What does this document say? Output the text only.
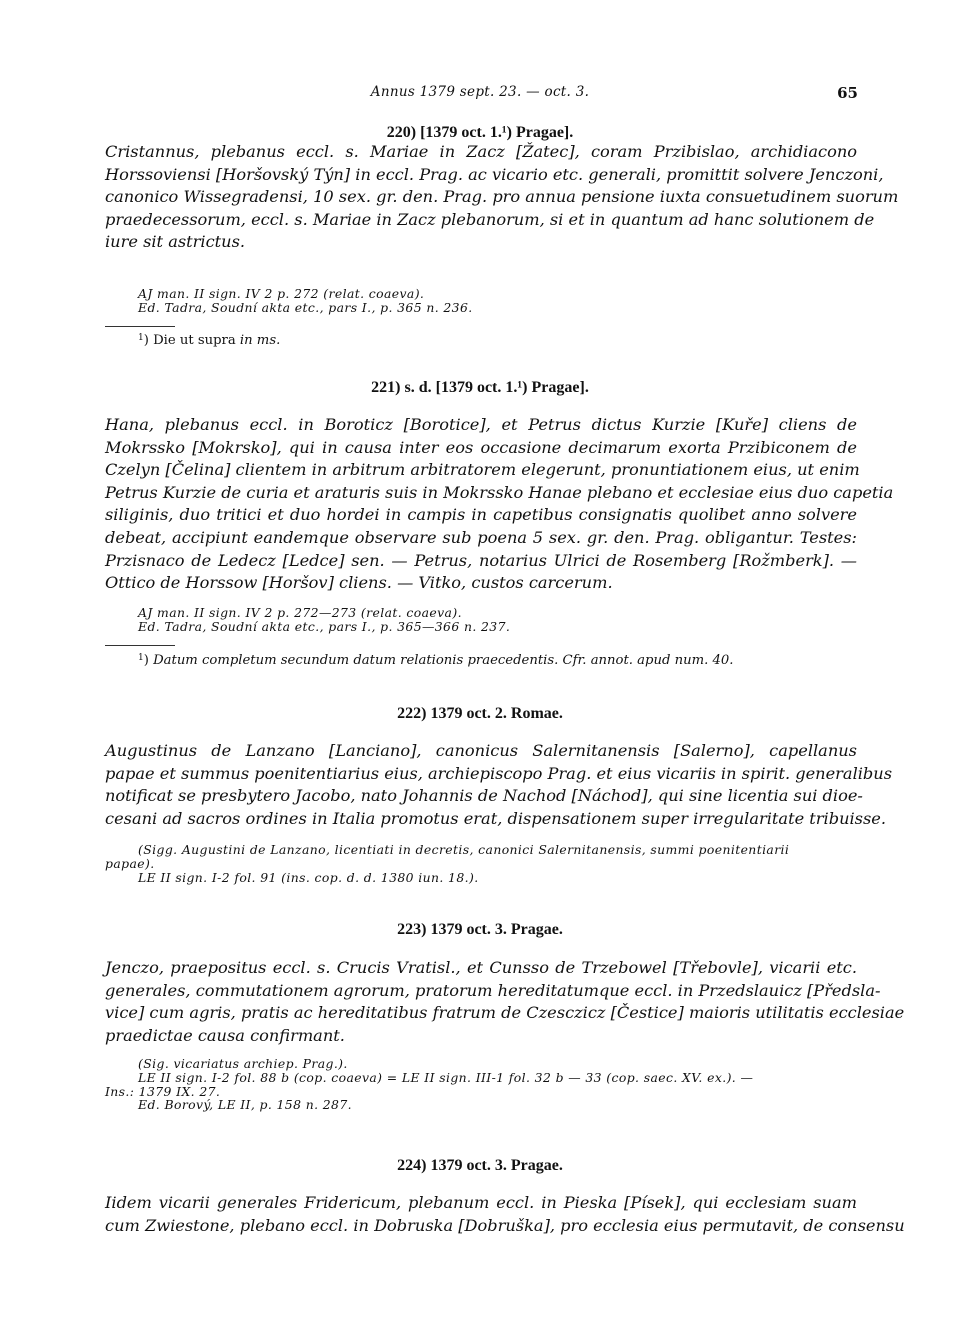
Annus 1379 sept. 23. — oct. 3.	65
220) [1379 oct. 1.¹) Pragae].
Cristannus, plebanus eccl. s. Mariae in Zacz [Žatec], coram Przibislao, archidiacono
Horssoviensi [Horšovský Týn] in eccl. Prag. ac vicario etc. generali, promittit solvere Jenczoni,
canonico Wissegradensi, 10 sex. gr. den. Prag. pro annua pensione iuxta consuetudinem suorum
praedecessorum, eccl. s. Mariae in Zacz plebanorum, si et in quantum ad hanc solutionem de
iure sit astrictus.
AJ man. II sign. IV 2 p. 272 (relat. coaeva).
Ed. Tadra, Soudní akta etc., pars I., p. 365 n. 236.
$^1$) Die ut supra in ms.
221) s. d. [1379 oct. 1.¹) Pragae].
Hana, plebanus eccl. in Boroticz [Borotice], et Petrus dictus Kurzie [Kuře] cliens de
Mokrssko [Mokrsko], qui in causa inter eos occasione decimarum exorta Przibiconem de
Czelyn [Čelina] clientem in arbitrum arbitratorem elegerunt, pronuntiationem eius, ut enim
Petrus Kurzie de curia et araturis suis in Mokrssko Hanae plebano et ecclesiae eius duo capetia
siliginis, duo tritici et duo hordei in campis in capetibus consignatis quolibet anno solvere
debeat, accipiunt eandemque observare sub poena 5 sex. gr. den. Prag. obligantur. Testes:
Przisnaco de Ledecz [Ledce] sen. — Petrus, notarius Ulrici de Rosemberg [Rožmberk]. —
Ottico de Horssow [Horšov] cliens. — Vitko, custos carcerum.
AJ man. II sign. IV 2 p. 272—273 (relat. coaeva).
Ed. Tadra, Soudní akta etc., pars I., p. 365—366 n. 237.
$^1$) Datum completum secundum datum relationis praecedentis. Cfr. annot. apud num. 40.
222) 1379 oct. 2. Romae.
Augustinus de Lanzano [Lanciano], canonicus Salernitanensis [Salerno], capellanus
papae et summus poenitentiarius eius, archiepiscopo Prag. et eius vicariis in spirit. generalibus
notificat se presbytero Jacobo, nato Johannis de Nachod [Náchod], qui sine licentia sui dioe-
cesani ad sacros ordines in Italia promotus erat, dispensationem super irregularitate tribuisse.
(Sigg. Augustini de Lanzano, licentiati in decretis, canonici Salernitanensis, summi poenitentiarii
papae).
LE II sign. I-2 fol. 91 (ins. cop. d. d. 1380 iun. 18.).
223) 1379 oct. 3. Pragae.
Jenczo, praepositus eccl. s. Crucis Vratisl., et Cunsso de Trzebowel [Třebovle], vicarii etc.
generales, commutationem agrorum, pratorum hereditatumque eccl. in Przedslauicz [Předsla-
vice] cum agris, pratis ac hereditatibus fratrum de Czesczicz [Čestice] maioris utilitatis ecclesiae
praedictae causa confirmant.
(Sig. vicariatus archiep. Prag.).
LE II sign. I-2 fol. 88 b (cop. coaeva) = LE II sign. III-1 fol. 32 b — 33 (cop. saec. XV. ex.). —
Ins.: 1379 IX. 27.
Ed. Borový, LE II, p. 158 n. 287.
224) 1379 oct. 3. Pragae.
Iidem vicarii generales Fridericum, plebanum eccl. in Pieska [Písek], qui ecclesiam suam
cum Zwiestone, plebano eccl. in Dobruska [Dobruška], pro ecclesia eius permutavit, de consensu
